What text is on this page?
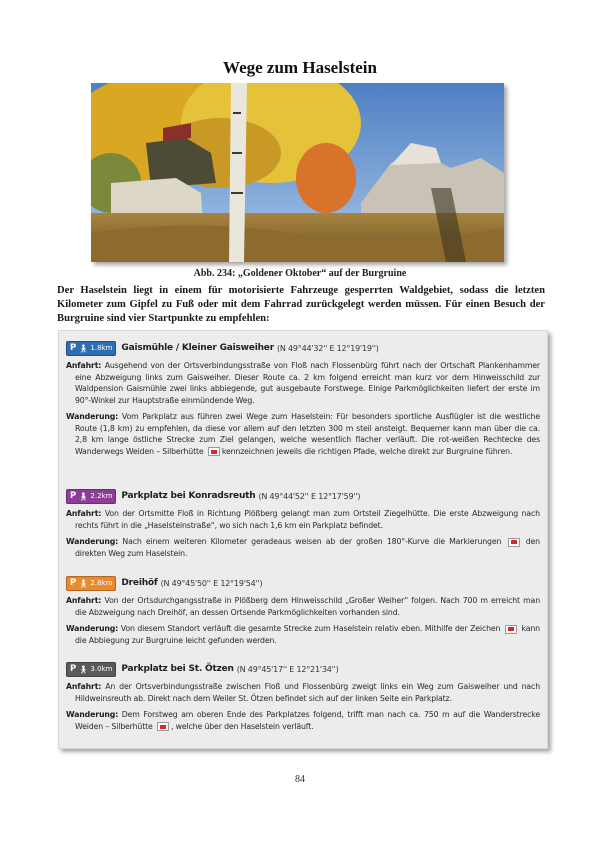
Wege zum Haselstein
Abb. 234: „Goldener Oktober“ auf der Burgruine
Der Haselstein liegt in einem für motorisierte Fahrzeuge gesperrten Waldgebiet, sodass die letzten Kilometer zum Gipfel zu Fuß oder mit dem Fahrrad zurückgelegt werden müssen. Für einen Besuch der Burgruine sind vier Startpunkte zu empfehlen:
P 🚶︎ 1.8km Gaismühle / Kleiner Gaisweiher (N 49°44'32'' E 12°19'19'')
Anfahrt: Ausgehend von der Ortsverbindungsstraße von Floß nach Flossenbürg führt nach der Ortschaft Plankenhammer eine Abzweigung links zum Gaisweiher. Dieser Route ca. 2 km folgend erreicht man kurz vor dem Hinweisschild zur Waldpension Gaismühle zwei links abbiegende, gut ausgebaute Forstwege. Einige Parkmöglichkeiten liefert der erste im 90°-Winkel zur Hauptstraße einmündende Weg.
Wanderung: Vom Parkplatz aus führen zwei Wege zum Haselstein: Für besonders sportliche Ausflügler ist die westliche Route (1,8 km) zu empfehlen, da diese vor allem auf den letzten 300 m steil ansteigt. Bequemer kann man über die ca. 2,8 km lange östliche Strecke zum Ziel gelangen, welche wesentlich flacher verläuft. Die rot-weißen Rechtecke des Wanderwegs Weiden – Silberhütte kennzeichnen jeweils die richtigen Pfade, welche direkt zur Burgruine führen.
P 🚶︎ 2.2km Parkplatz bei Konradsreuth (N 49°44'52'' E 12°17'59'')
Anfahrt: Von der Ortsmitte Floß in Richtung Plößberg gelangt man zum Ortsteil Ziegelhütte. Die erste Abzweigung nach rechts führt in die „Haselsteinstraße“, wo sich nach 1,6 km ein Parkplatz befindet.
Wanderung: Nach einem weiteren Kilometer geradeaus weisen ab der großen 180°-Kurve die Markierungen	den direkten Weg zum Haselstein.
P 🚶︎ 2.8km Dreihöf (N 49°45'50'' E 12°19'54'')
Anfahrt: Von der Ortsdurchgangsstraße in Plößberg dem Hinweisschild „Großer Weiher“ folgen. Nach 700 m erreicht man die Abzweigung nach Dreihöf, an dessen Ortsende Parkmöglichkeiten vorhanden sind.
Wanderung: Von diesem Standort verläuft die gesamte Strecke zum Haselstein relativ eben. Mithilfe der Zeichen	kann die Abbiegung zur Burgruine leicht gefunden werden.
P 🚶︎ 3.0km Parkplatz bei St. Ötzen (N 49°45'17'' E 12°21'34'')
Anfahrt: An der Ortsverbindungsstraße zwischen Floß und Flossenbürg zweigt links ein Weg zum Gaisweiher und nach Hildweinsreuth ab. Direkt nach dem Weiler St. Ötzen befindet sich auf der linken Seite ein Parkplatz.
Wanderung: Dem Forstweg am oberen Ende des Parkplatzes folgend, trifft man nach ca. 750 m auf die Wanderstrecke Weiden – Silberhütte , welche über den Haselstein verläuft.
84
